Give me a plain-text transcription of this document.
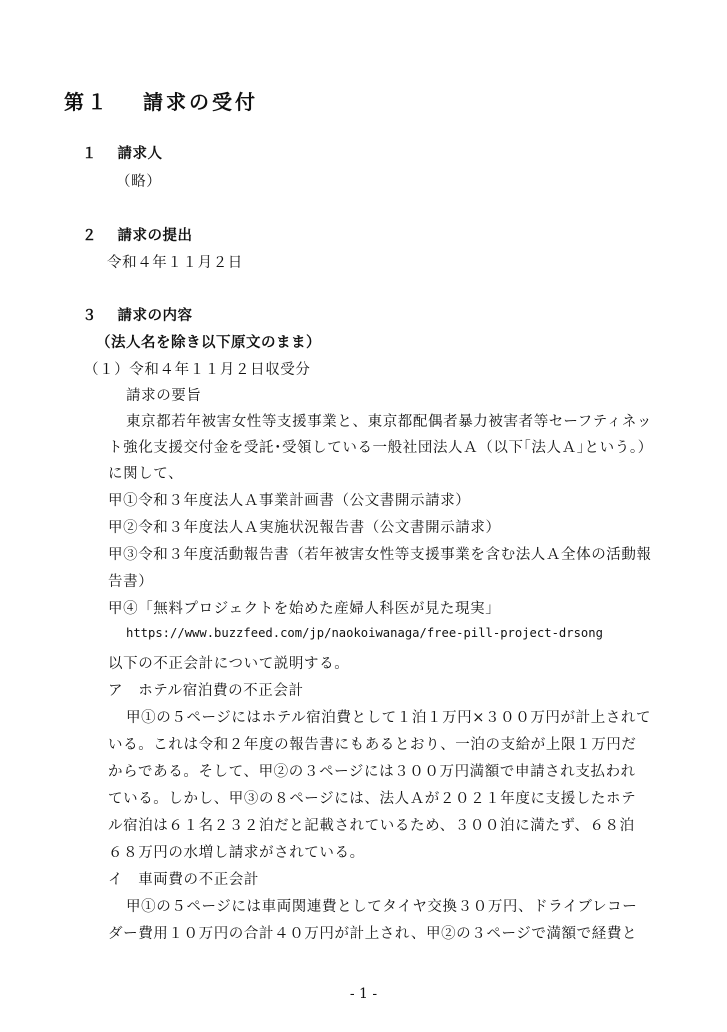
第１　 請求の受付
１　 請求人
（略）
２　 請求の提出
令和４年１１月２日
３　 請求の内容
（法人名を除き以下原文のまま）
（１）令和４年１１月２日収受分
請求の要旨
東京都若年被害女性等支援事業と、東京都配偶者暴力被害者等セーフティネッ
ト強化支援交付金を受託･受領している一般社団法人Ａ（以下｢法人Ａ｣という。）
に関して、
甲①令和３年度法人Ａ事業計画書（公文書開示請求）
甲②令和３年度法人Ａ実施状況報告書（公文書開示請求）
甲③令和３年度活動報告書（若年被害女性等支援事業を含む法人Ａ全体の活動報
告書）
甲④「無料プロジェクトを始めた産婦人科医が見た現実」
https://www.buzzfeed.com/jp/naokoiwanaga/free-pill-project-drsong
以下の不正会計について説明する。
ア　ホテル宿泊費の不正会計
甲①の５ページにはホテル宿泊費として１泊１万円×３００万円が計上されて
いる。これは令和２年度の報告書にもあるとおり、一泊の支給が上限１万円だ
からである。そして、甲②の３ページには３００万円満額で申請され支払われ
ている。しかし、甲③の８ページには、法人Ａが２０２１年度に支援したホテ
ル宿泊は６１名２３２泊だと記載されているため、３００泊に満たず、６８泊
６８万円の水増し請求がされている。
イ　車両費の不正会計
甲①の５ページには車両関連費としてタイヤ交換３０万円、ドライブレコー
ダー費用１０万円の合計４０万円が計上され、甲②の３ページで満額で経費と
- 1 -
